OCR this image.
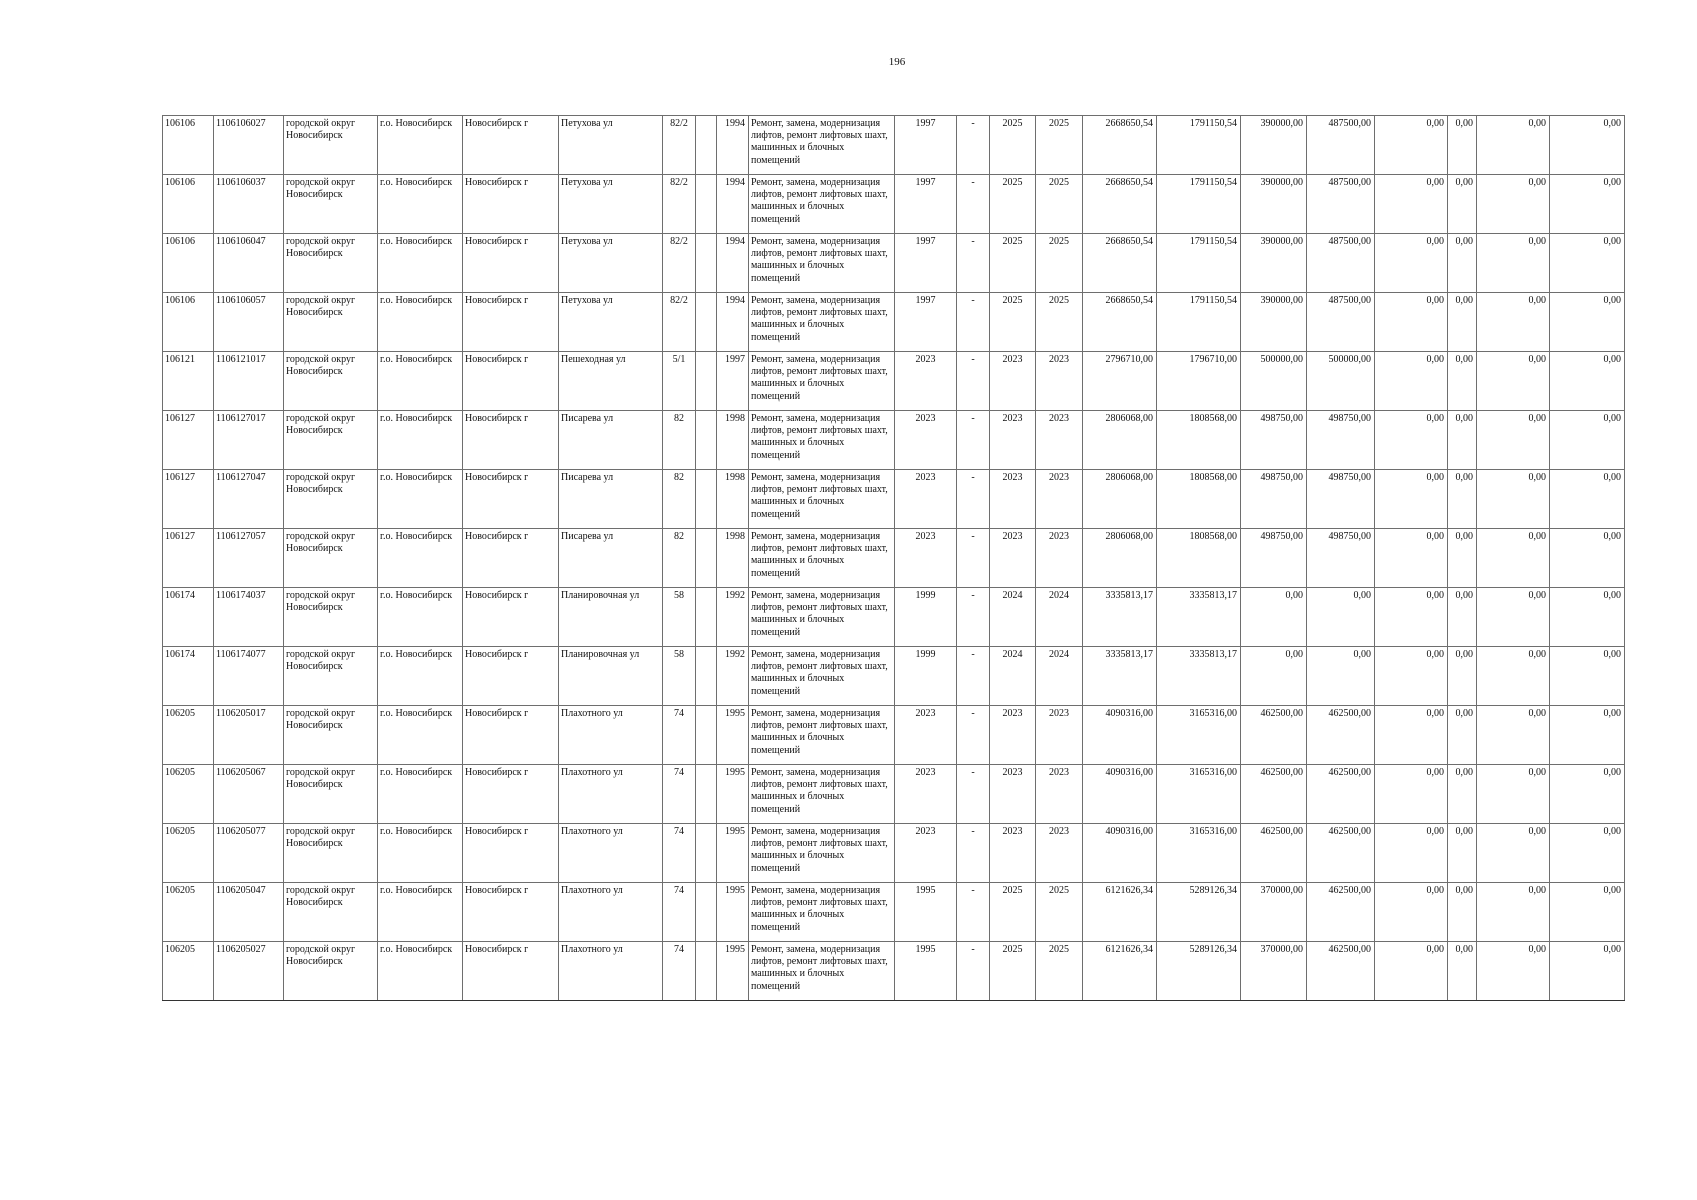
196
106106	1106106027	городской округ Новосибирск	г.о. Новосибирск	Новосибирск г	Петухова ул	82/2		1994	Ремонт, замена, модернизация лифтов, ремонт лифтовых шахт, машинных и блочных помещений	1997	-	2025	2025	2668650,54	1791150,54	390000,00	487500,00	0,00	0,00	0,00	0,00
106106	1106106037	городской округ Новосибирск	г.о. Новосибирск	Новосибирск г	Петухова ул	82/2		1994	Ремонт, замена, модернизация лифтов, ремонт лифтовых шахт, машинных и блочных помещений	1997	-	2025	2025	2668650,54	1791150,54	390000,00	487500,00	0,00	0,00	0,00	0,00
106106	1106106047	городской округ Новосибирск	г.о. Новосибирск	Новосибирск г	Петухова ул	82/2		1994	Ремонт, замена, модернизация лифтов, ремонт лифтовых шахт, машинных и блочных помещений	1997	-	2025	2025	2668650,54	1791150,54	390000,00	487500,00	0,00	0,00	0,00	0,00
106106	1106106057	городской округ Новосибирск	г.о. Новосибирск	Новосибирск г	Петухова ул	82/2		1994	Ремонт, замена, модернизация лифтов, ремонт лифтовых шахт, машинных и блочных помещений	1997	-	2025	2025	2668650,54	1791150,54	390000,00	487500,00	0,00	0,00	0,00	0,00
106121	1106121017	городской округ Новосибирск	г.о. Новосибирск	Новосибирск г	Пешеходная ул	5/1		1997	Ремонт, замена, модернизация лифтов, ремонт лифтовых шахт, машинных и блочных помещений	2023	-	2023	2023	2796710,00	1796710,00	500000,00	500000,00	0,00	0,00	0,00	0,00
106127	1106127017	городской округ Новосибирск	г.о. Новосибирск	Новосибирск г	Писарева ул	82		1998	Ремонт, замена, модернизация лифтов, ремонт лифтовых шахт, машинных и блочных помещений	2023	-	2023	2023	2806068,00	1808568,00	498750,00	498750,00	0,00	0,00	0,00	0,00
106127	1106127047	городской округ Новосибирск	г.о. Новосибирск	Новосибирск г	Писарева ул	82		1998	Ремонт, замена, модернизация лифтов, ремонт лифтовых шахт, машинных и блочных помещений	2023	-	2023	2023	2806068,00	1808568,00	498750,00	498750,00	0,00	0,00	0,00	0,00
106127	1106127057	городской округ Новосибирск	г.о. Новосибирск	Новосибирск г	Писарева ул	82		1998	Ремонт, замена, модернизация лифтов, ремонт лифтовых шахт, машинных и блочных помещений	2023	-	2023	2023	2806068,00	1808568,00	498750,00	498750,00	0,00	0,00	0,00	0,00
106174	1106174037	городской округ Новосибирск	г.о. Новосибирск	Новосибирск г	Планировочная ул	58		1992	Ремонт, замена, модернизация лифтов, ремонт лифтовых шахт, машинных и блочных помещений	1999	-	2024	2024	3335813,17	3335813,17	0,00	0,00	0,00	0,00	0,00	0,00
106174	1106174077	городской округ Новосибирск	г.о. Новосибирск	Новосибирск г	Планировочная ул	58		1992	Ремонт, замена, модернизация лифтов, ремонт лифтовых шахт, машинных и блочных помещений	1999	-	2024	2024	3335813,17	3335813,17	0,00	0,00	0,00	0,00	0,00	0,00
106205	1106205017	городской округ Новосибирск	г.о. Новосибирск	Новосибирск г	Плахотного ул	74		1995	Ремонт, замена, модернизация лифтов, ремонт лифтовых шахт, машинных и блочных помещений	2023	-	2023	2023	4090316,00	3165316,00	462500,00	462500,00	0,00	0,00	0,00	0,00
106205	1106205067	городской округ Новосибирск	г.о. Новосибирск	Новосибирск г	Плахотного ул	74		1995	Ремонт, замена, модернизация лифтов, ремонт лифтовых шахт, машинных и блочных помещений	2023	-	2023	2023	4090316,00	3165316,00	462500,00	462500,00	0,00	0,00	0,00	0,00
106205	1106205077	городской округ Новосибирск	г.о. Новосибирск	Новосибирск г	Плахотного ул	74		1995	Ремонт, замена, модернизация лифтов, ремонт лифтовых шахт, машинных и блочных помещений	2023	-	2023	2023	4090316,00	3165316,00	462500,00	462500,00	0,00	0,00	0,00	0,00
106205	1106205047	городской округ Новосибирск	г.о. Новосибирск	Новосибирск г	Плахотного ул	74		1995	Ремонт, замена, модернизация лифтов, ремонт лифтовых шахт, машинных и блочных помещений	1995	-	2025	2025	6121626,34	5289126,34	370000,00	462500,00	0,00	0,00	0,00	0,00
106205	1106205027	городской округ Новосибирск	г.о. Новосибирск	Новосибирск г	Плахотного ул	74		1995	Ремонт, замена, модернизация лифтов, ремонт лифтовых шахт, машинных и блочных помещений	1995	-	2025	2025	6121626,34	5289126,34	370000,00	462500,00	0,00	0,00	0,00	0,00
